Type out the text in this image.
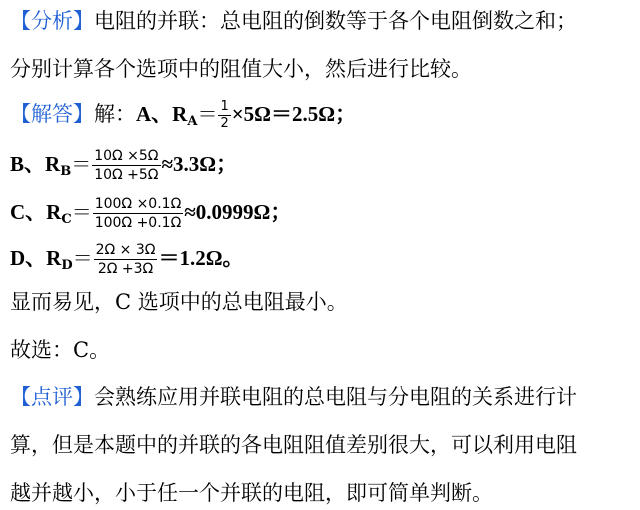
【分析】电阻的并联：总电阻的倒数等于各个电阻倒数之和；
分别计算各个选项中的阻值大小，然后进行比较。
【解答】解：A、$R_A= \frac{1}{2} \times 5\Omega=2.5\Omega$；
B、$R_B= \frac{10\Omega \times 5\Omega}{10\Omega +5\Omega} \approx 3.3\Omega$；
C、$R_C= \frac{100\Omega \times 0.1\Omega}{100\Omega +0.1\Omega} \approx 0.0999\Omega$；
D、$R_D= \frac{2\Omega \times 3\Omega}{2\Omega +3\Omega} =1.2\Omega$。
显而易见，C 选项中的总电阻最小。
故选：C。
【点评】会熟练应用并联电阻的总电阻与分电阻的关系进行计
算，但是本题中的并联的各电阻阻值差别很大，可以利用电阻
越并越小，小于任一个并联的电阻，即可简单判断。
